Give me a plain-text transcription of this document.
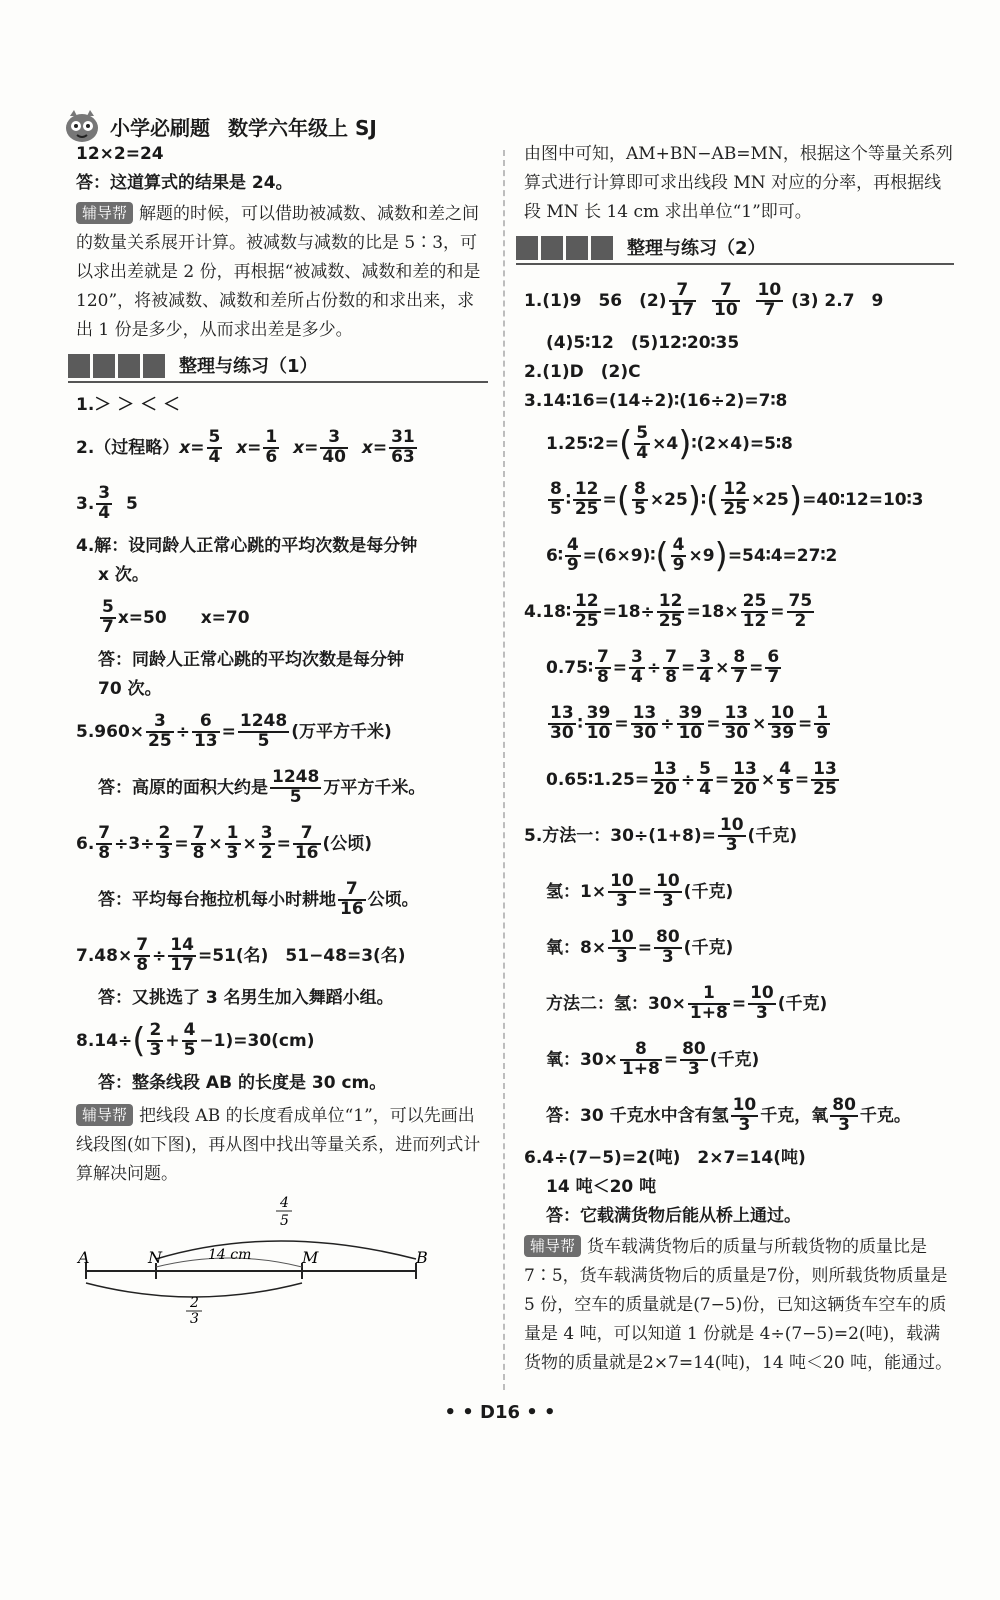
小学必刷题 数学六年级上 SJ

12×2=24

答：这道算式的结果是 24。

辅导帮 解题的时候，可以借助被减数、减数和差之间的数量关系展开计算。被减数与减数的比是 5∶3，可以求出差就是 2 份，再根据“被减数、减数和差的和是 120”，将被减数、减数和差所占份数的和求出来，求出 1 份是多少，从而求出差是多少。

整理与练习（1）

1.＞ ＞ ＜ ＜

2.（过程略） $x = \frac{5}{4}$
$x = \frac{1}{6}$
$x = \frac{3}{40}$
$x = \frac{31}{63}$
3. $\frac{3}{4}$
5

4.解：设同龄人正常心跳的平均次数是每分钟

x 次。

$\frac{5}{7} x=50$　　x=70

答：同龄人正常心跳的平均次数是每分钟

70 次。

$5.960\times \frac{3}{25} \div \frac{6}{13} = \frac{1248}{5}$ (万平方千米)
答：高原的面积大约是 $\frac{1248}{5}$ 万平方千米。
6. $\frac{7}{8} \div 3\div \frac{2}{3} = \frac{7}{8} \times \frac{1}{3} \times \frac{3}{2} = \frac{7}{16}$ (公顷)
答：平均每台拖拉机每小时耕地 $\frac{7}{16}$ 公顷。
$7.48\times \frac{7}{8} \div \frac{14}{17} =51$(名)　51−48=3(名)

答：又挑选了 3 名男生加入舞蹈小组。

8.14÷ ( $\frac{2}{3} + \frac{4}{5} -1)=30(cm)$

答：整条线段 AB 的长度是 30 cm。

辅导帮 把线段 AB 的长度看成单位“1”，可以先画出线段图(如下图)，再从图中找出等量关系，进而列式计算解决问题。

A	N	M	B
14 cm
4
5
2
3

由图中可知，AM+BN−AB=MN，根据这个等量关系列算式进行计算即可求出线段 MN 对应的分率，再根据线段 MN 长 14 cm 求出单位“1”即可。

整理与练习（2）
1.(1)9　56　$(2) \frac{7}{17}$
$\frac{7}{10}$
$\frac{10}{7}$
(3) 2.7　9

(4)5∶12　(5)12∶20∶35

2.(1)D　(2)C

3.14∶16=(14÷2)∶(16÷2)=7∶8

1.25∶2= ( $\frac{5}{4} \times 4$ ) ∶(2×4)=5∶8
$\frac{8}{5}$ ∶ $\frac{12}{25}$ = ( $\frac{8}{5} \times 25$ ) ∶ ( $\frac{12}{25} \times 25$ ) =40∶12=10∶3
6∶ $\frac{4}{9}$ =(6×9)∶ ( $\frac{4}{9} \times 9$ ) =54∶4=27∶2
4.18∶ $\frac{12}{25} =18\div \frac{12}{25} =18\times \frac{25}{12} = \frac{75}{2}$
0.75∶ $\frac{7}{8} = \frac{3}{4} \div \frac{7}{8} = \frac{3}{4} \times \frac{8}{7} = \frac{6}{7}$
$\frac{13}{30}$ ∶ $\frac{39}{10} = \frac{13}{30} \div \frac{39}{10} = \frac{13}{30} \times \frac{10}{39} = \frac{1}{9}$
0.65∶1.25= $\frac{13}{20} \div \frac{5}{4} = \frac{13}{20} \times \frac{4}{5} = \frac{13}{25}$
5.方法一：$30\div(1+8)= \frac{10}{3}$ (千克)
氢：$1\times \frac{10}{3} = \frac{10}{3}$ (千克)
氧：$8\times \frac{10}{3} = \frac{80}{3}$ (千克)
方法二：氢：$30\times \frac{1}{1+8} = \frac{10}{3}$ (千克)
氧：$30\times \frac{8}{1+8} = \frac{80}{3}$ (千克)
答：30 千克水中含有氢 $\frac{10}{3}$ 千克，氧 $\frac{80}{3}$ 千克。

6.4÷(7−5)=2(吨)　2×7=14(吨)

14 吨＜20 吨

答：它载满货物后能从桥上通过。

辅导帮 货车载满货物后的质量与所载货物的质量比是 7∶5，货车载满货物后的质量是7份，则所载货物质量是 5 份，空车的质量就是(7−5)份，已知这辆货车空车的质量是 4 吨，可以知道 1 份就是 4÷(7−5)=2(吨)，载满货物的质量就是2×7=14(吨)，14 吨＜20 吨，能通过。

• • D16 • •
